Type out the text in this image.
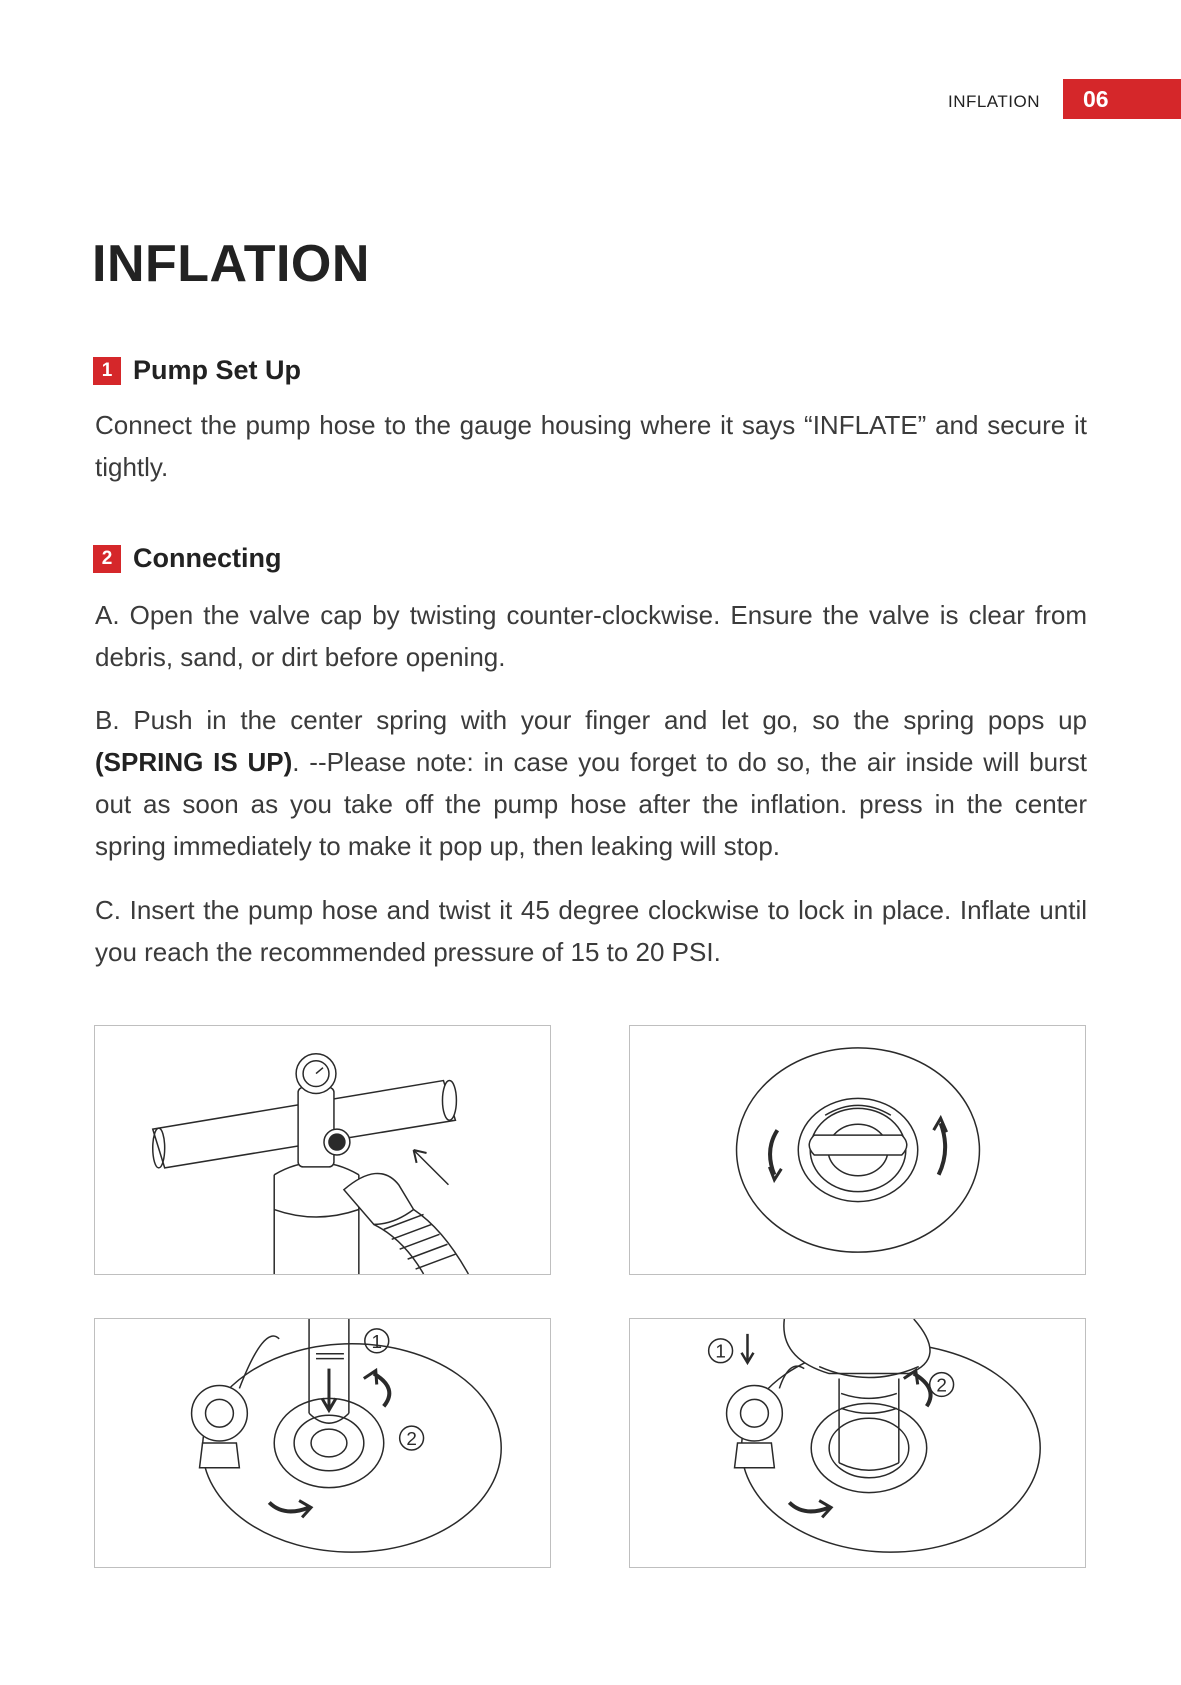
INFLATION	06
INFLATION
1 Pump Set Up

Connect the pump hose to the gauge housing where it says “INFLATE” and secure it tightly.

2 Connecting

A. Open the valve cap by twisting counter-clockwise. Ensure the valve is clear from debris, sand, or dirt before opening.

B. Push in the center spring with your finger and let go, so the spring pops up (SPRING IS UP). --Please note: in case you forget to do so, the air inside will burst out as soon as you take off the pump hose after the inflation. press in the center spring immediately to make it pop up, then leaking will stop.

C. Insert the pump hose and twist it 45 degree clockwise to lock in place. Inflate until you reach the recommended pressure of 15 to 20 PSI.

1
2
1
2
